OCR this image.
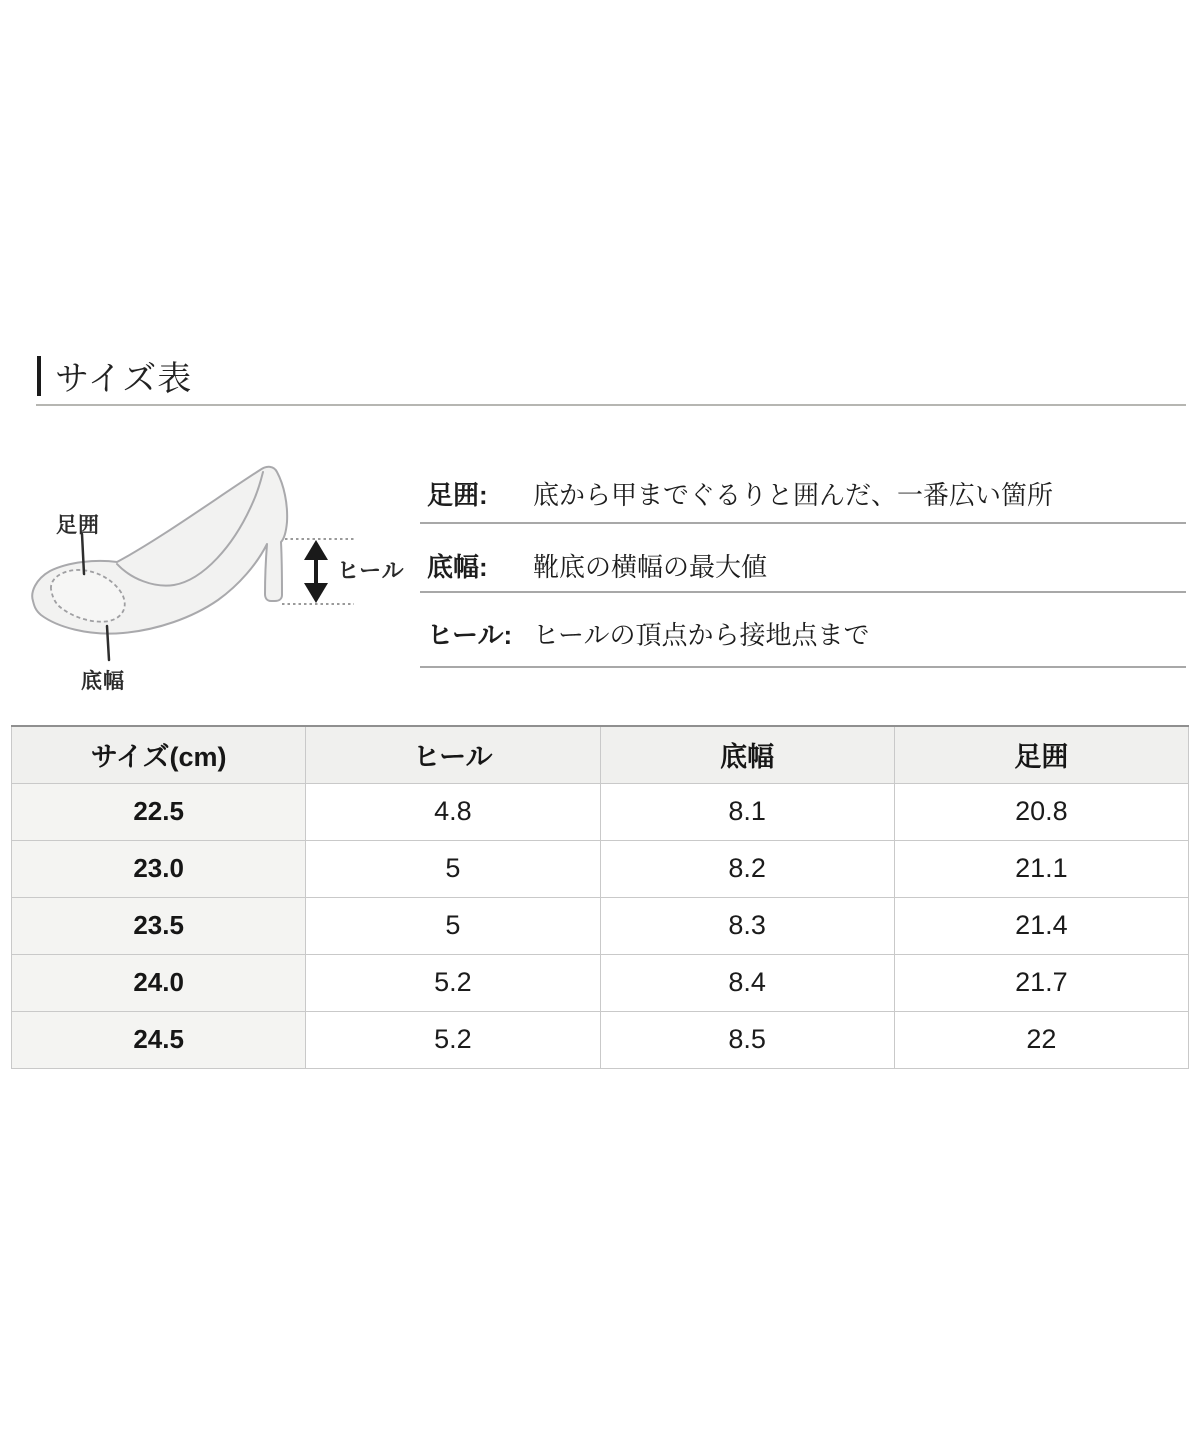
サイズ表
足囲
底幅
ヒール
足囲:	底から甲までぐるりと囲んだ、一番広い箇所
底幅:	靴底の横幅の最大値
ヒール: ヒールの頂点から接地点まで
サイズ(cm)	ヒール	底幅	足囲
22.5	4.8	8.1	20.8
23.0	5	8.2	21.1
23.5	5	8.3	21.4
24.0	5.2	8.4	21.7
24.5	5.2	8.5	22
